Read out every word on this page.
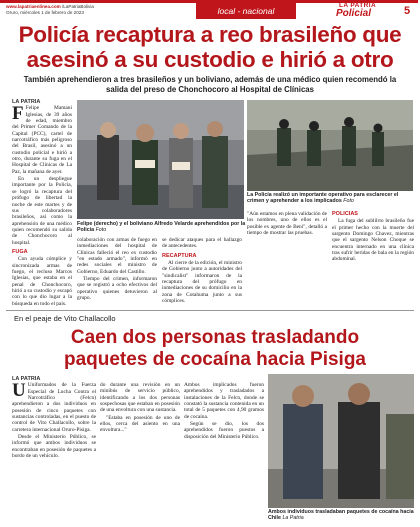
www.lapatriaenlinea.com /LaPatriaBolivia
Oruro, miércoles 1 de febrero de 2023	local - nacional
LA PATRIA
Policial	5
Policía recaptura a reo brasileño que asesinó a su custodio e hirió a otro
También aprehendieron a tres brasileños y un boliviano, además de una médico quien recomendó la salida del preso de Chonchocoro al Hospital de Clínicas
LA PATRIA

F Felipe Mamani Iglesias, de 39 años de edad, miembro del Primer Comando de la Capital (PCC), cartel de narcotráfico más peligroso del Brasil, asesinó a un custodio policial e hirió a otro, durante su fuga en el Hospital de Clínicas de La Paz, la mañana de ayer.

En un despliegue importante por la Policía, se logró la recaptura del prófugo de libertad la noche de este martes y de sus colaboradores brasileños, así como la aprehensión de una médico quien recomendó su salida de Chonchocoro al hospital.

FUGA

Con ayuda cómplice y sincronizada armas de fuego, el recluso Marcos Iglesias, que estaba en el penal de Chonchocoro, hirió a su custodio y escapó con lo que dio lugar a la búsqueda en todo el país.

Felipe (derecho) y el boliviano Alfredo Velarde aprehendidos por la Policía Foto
La Policía realizó un importante operativo para esclarecer el crimen y aprehender a los implicados Foto

colaboración con armas de fuego en inmediaciones del hospital de Clínicas falleció el reo ex custodio "en estado armado", informó en redes sociales el ministro de Gobierno, Eduardo del Castillo.

Tiempo del crimen, informaron que se registró a ocho efectivos del operativo quienes detuvieron al grupo.

se dedicar ataques para el hallazgo de antecedentes.

RECAPTURA

Al cierre de la edición, el ministro de Gobierno junto a autoridades del "sindicalist" informaron de la recaptura del prófugo en inmediaciones de su domicilio en la zona de Cotahuma junto a sus cómplices.

"Aún estamos en plena validación de los nombres, uno de ellos es el posible ex agente de Beni", detalló a tiempo de mostrar las pruebas.

POLICÍAS

La fuga del sublilrto brasileño fue el primer hecho con la muerte del sargento Domingo Chavez, mientras que el sargento Nelson Choque se encuentra internado en una clínica tras sufrir heridas de bala en la región abdominal.

En el peaje de Vito Challacollo
Caen dos personas trasladando paquetes de cocaína hacia Pisiga
LA PATRIA

U Uniformados de la Fuerza Especial de Lucha Contra el Narcotráfico (Felcn) aprehendieron a dos individuos en posesión de cinco paquetes con sustancias controladas, en el puesto de control de Vito Challacollo, sobre la carretera internacional Oruro-Pisiga.

Desde el Ministerio Público, se informó que ambos individuos se encontraban en posesión de paquetes a bordo de un vehículo.

do durante una revisión en un minibús de servicio público, identificando a los dos personas sospechosas que estaban en posesión de una envoltura con una sustancia.

"Estaba en posesión de uno de ellos, cerca del asiento en una envoltura..."

Ambos implicados fueron aprehendidos y trasladados a instalaciones de la Felcn, donde se constató la sustancia contenida en un total de 5 paquetes con 4,90 gramos de cocaína.

Según se dio, los dos aprehendidos fueron puestos a disposición del Ministerio Público.

Ambos individuos trasladaban paquetes de cocaína hacia Chile La Patria
